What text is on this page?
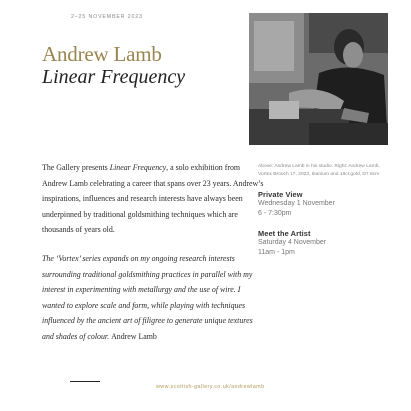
2–25 NOVEMBER 2023
Andrew Lamb
Linear Frequency

The Gallery presents Linear Frequency, a solo exhibition from Andrew Lamb celebrating a career that spans over 23 years. Andrew’s inspirations, influences and research interests have always been underpinned by traditional goldsmithing techniques which are thousands of years old.

The ‘Vortex’ series expands on my ongoing research interests surrounding traditional goldsmithing practices in parallel with my interest in experimenting with metallurgy and the use of wire. I wanted to explore scale and form, while playing with techniques influenced by the ancient art of filigree to generate unique textures and shades of colour. Andrew Lamb

Above: Andrew Lamb in his studio. Right: Andrew Lamb, Vortex Brooch 17, 2023, titanium and 18ct gold, D7.8cm
Private View
Wednesday 1 November
6 - 7:30pm
Meet the Artist
Saturday 4 November
11am - 1pm
www.scottish-gallery.co.uk/andrewlamb
